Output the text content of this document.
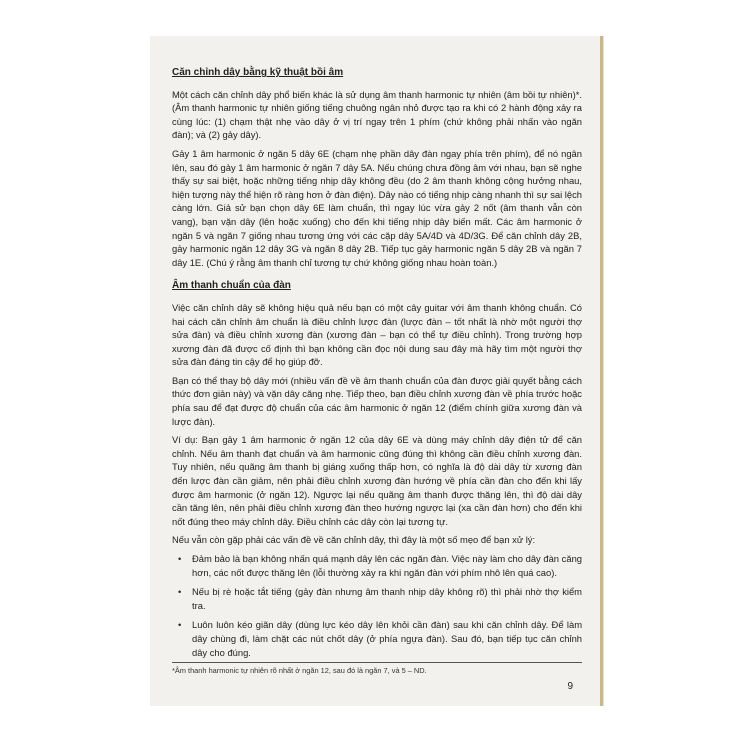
Căn chỉnh dây bằng kỹ thuật bồi âm

Một cách căn chỉnh dây phổ biến khác là sử dụng âm thanh harmonic tự nhiên (âm bồi tự nhiên)*. (Âm thanh harmonic tự nhiên giống tiếng chuông ngân nhỏ được tạo ra khi có 2 hành động xảy ra cùng lúc: (1) chạm thật nhẹ vào dây ở vị trí ngay trên 1 phím (chứ không phải nhấn vào ngăn đàn); và (2) gảy dây).

Gảy 1 âm harmonic ở ngăn 5 dây 6E (chạm nhẹ phần dây đàn ngay phía trên phím), để nó ngân lên, sau đó gảy 1 âm harmonic ở ngăn 7 dây 5A. Nếu chúng chưa đồng âm với nhau, bạn sẽ nghe thấy sự sai biệt, hoặc những tiếng nhịp dây không đều (do 2 âm thanh không cộng hưởng nhau, hiện tượng này thể hiện rõ ràng hơn ở đàn điện). Dây nào có tiếng nhịp càng nhanh thì sự sai lệch càng lớn. Giả sử bạn chọn dây 6E làm chuẩn, thì ngay lúc vừa gảy 2 nốt (âm thanh vẫn còn vang), bạn vặn dây (lên hoặc xuống) cho đến khi tiếng nhịp dây biến mất. Các âm harmonic ở ngăn 5 và ngăn 7 giống nhau tương ứng với các cặp dây 5A/4D và 4D/3G. Để căn chỉnh dây 2B, gảy harmonic ngăn 12 dây 3G và ngăn 8 dây 2B. Tiếp tục gảy harmonic ngăn 5 dây 2B và ngăn 7 dây 1E. (Chú ý rằng âm thanh chỉ tương tự chứ không giống nhau hoàn toàn.)

Âm thanh chuẩn của đàn

Việc căn chỉnh dây sẽ không hiệu quả nếu bạn có một cây guitar với âm thanh không chuẩn. Có hai cách căn chỉnh âm chuẩn là điều chỉnh lược đàn (lược đàn – tốt nhất là nhờ một người thợ sửa đàn) và điều chỉnh xương đàn (xương đàn – bạn có thể tự điều chỉnh). Trong trường hợp xương đàn đã được cố định thì bạn không cần đọc nội dung sau đây mà hãy tìm một người thợ sửa đàn đáng tin cậy để họ giúp đỡ.

Bạn có thể thay bộ dây mới (nhiều vấn đề về âm thanh chuẩn của đàn được giải quyết bằng cách thức đơn giản này) và vặn dây căng nhẹ. Tiếp theo, bạn điều chỉnh xương đàn về phía trước hoặc phía sau để đạt được độ chuẩn của các âm harmonic ở ngăn 12 (điểm chính giữa xương đàn và lược đàn).

Ví dụ: Bạn gảy 1 âm harmonic ở ngăn 12 của dây 6E và dùng máy chỉnh dây điện tử để căn chỉnh. Nếu âm thanh đạt chuẩn và âm harmonic cũng đúng thì không cần điều chỉnh xương đàn. Tuy nhiên, nếu quãng âm thanh bị giáng xuống thấp hơn, có nghĩa là độ dài dây từ xương đàn đến lược đàn cần giảm, nên phải điều chỉnh xương đàn hướng về phía cần đàn cho đến khi lấy được âm harmonic (ở ngăn 12). Ngược lại nếu quãng âm thanh được thăng lên, thì độ dài dây cần tăng lên, nên phải điều chỉnh xương đàn theo hướng ngược lại (xa cần đàn hơn) cho đến khi nốt đúng theo máy chỉnh dây. Điều chỉnh các dây còn lại tương tự.

Nếu vẫn còn gặp phải các vấn đề về căn chỉnh dây, thì đây là một số mẹo để bạn xử lý:

• Đảm bảo là bạn không nhấn quá mạnh dây lên các ngăn đàn. Việc này làm cho dây đàn căng hơn, các nốt được thăng lên (lỗi thường xảy ra khi ngăn đàn với phím nhô lên quá cao).
• Nếu bị rè hoặc tắt tiếng (gảy đàn nhưng âm thanh nhịp dây không rõ) thì phải nhờ thợ kiểm tra.
• Luôn luôn kéo giãn dây (dùng lực kéo dây lên khỏi cần đàn) sau khi căn chỉnh dây. Để làm dây chùng đi, làm chặt các nút chốt dây (ở phía ngựa đàn). Sau đó, bạn tiếp tục căn chỉnh dây cho đúng.
*Âm thanh harmonic tự nhiên rõ nhất ở ngăn 12, sau đó là ngăn 7, và 5 – ND.
9
